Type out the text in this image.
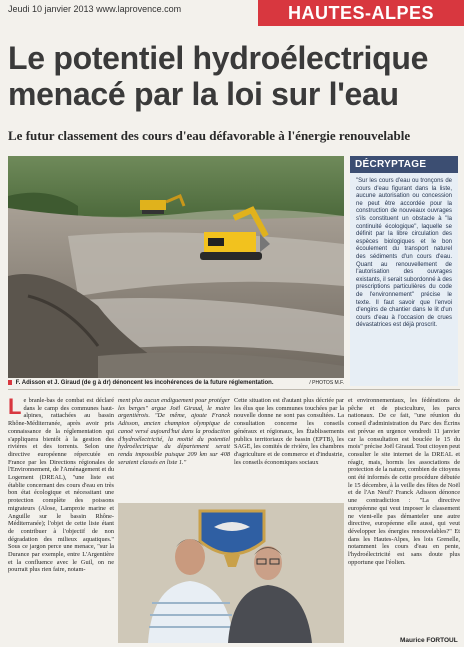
Jeudi 10 janvier 2013 www.laprovence.com	HAUTES-ALPES
Le potentiel hydroélectrique
menacé par la loi sur l'eau
Le futur classement des cours d'eau défavorable à l'énergie renouvelable
F. Adisson et J. Giraud (de g à dr) dénoncent les incohérences de la future réglementation.	/ PHOTOS M.F.
DÉCRYPTAGE
"Sur les cours d'eau ou tronçons de cours d'eau figurant dans la liste, aucune autorisation ou concession ne peut être accordée pour la construction de nouveaux ouvrages s'ils constituent un obstacle à "la continuité écologique", laquelle se définit par la libre circulation des espèces biologiques et le bon écoulement du transport naturel des sédiments d'un cours d'eau. Quant au renouvellement de l'autorisation des ouvrages existants, il serait subordonné à des prescriptions particulières du code de l'environnement" précise le texte. Il faut savoir que l'envoi d'engins de chantier dans le lit d'un cours d'eau à l'occasion de crues dévastatrices est déjà proscrit.
L e branle-bas de combat est déclaré dans le camp des communes haut-alpines, rattachées au bassin Rhône-Méditerranée, après avoir pris connaissance de la réglementation qui s'appliquera bientôt à la gestion des rivières et des torrents. Selon une directive européenne répercutée en France par les Directions régionales de l'Environnement, de l'Aménagement et du Logement (DREAL), "une liste est établie concernant des cours d'eau en très bon état écologique et nécessitant une protection complète des poissons migrateurs (Alose, Lamproie marine et Anguille sur le bassin Rhône-Méditerranée); l'objet de cette liste étant de contribuer à l'objectif de non dégradation des milieux aquatiques." Sous ce jargon perce une menace, "sur la Durance par exemple, entre L'Argentière et la confluence avec le Guil, on ne pourrait plus rien faire, notam-

ment plus aucun endiguement pour protéger les berges" argue Joël Giraud, le maire argentiérois. "De même, ajoute Franck Adisson, ancien champion olympique de canoë versé aujourd'hui dans la production d'hydroélectricité, la moitié du potentiel hydroélectrique du département serait rendu impossible puisque 209 km sur 408 seraient classés en liste 1."

Cette situation est d'autant plus décriée par les élus que les communes touchées par la nouvelle donne ne sont pas consultées. La consultation concerne les conseils généraux et régionaux, les Établissements publics territoriaux de bassin (EPTB), les SAGE, les comités de rivière, les chambres d'agriculture et de commerce et d'industrie, les conseils économiques sociaux

et environnementaux, les fédérations de pêche et de pisciculture, les parcs nationaux. De ce fait, "une réunion du conseil d'administration du Parc des Écrins est prévue en urgence vendredi 11 janvier car la consultation est bouclée le 15 du mois" précise Joël Giraud. Tout citoyen peut consulter le site internet de la DREAL et réagir, mais, hormis les associations de protection de la nature, combien de citoyens ont été informés de cette procédure débutée le 15 décembre, à la veille des fêtes de Noël et de l'An Neuf? Franck Adisson dénonce une contradiction : "La directive européenne qui veut imposer le classement ne vient-elle pas démanteler une autre directive, européenne elle aussi, qui veut développer les énergies renouvelables?" Et dans les Hautes-Alpes, les lois Grenelle, notamment les cours d'eau en pente, l'hydroélectricité est sans doute plus opportune que l'éolien.

Maurice FORTOUL
